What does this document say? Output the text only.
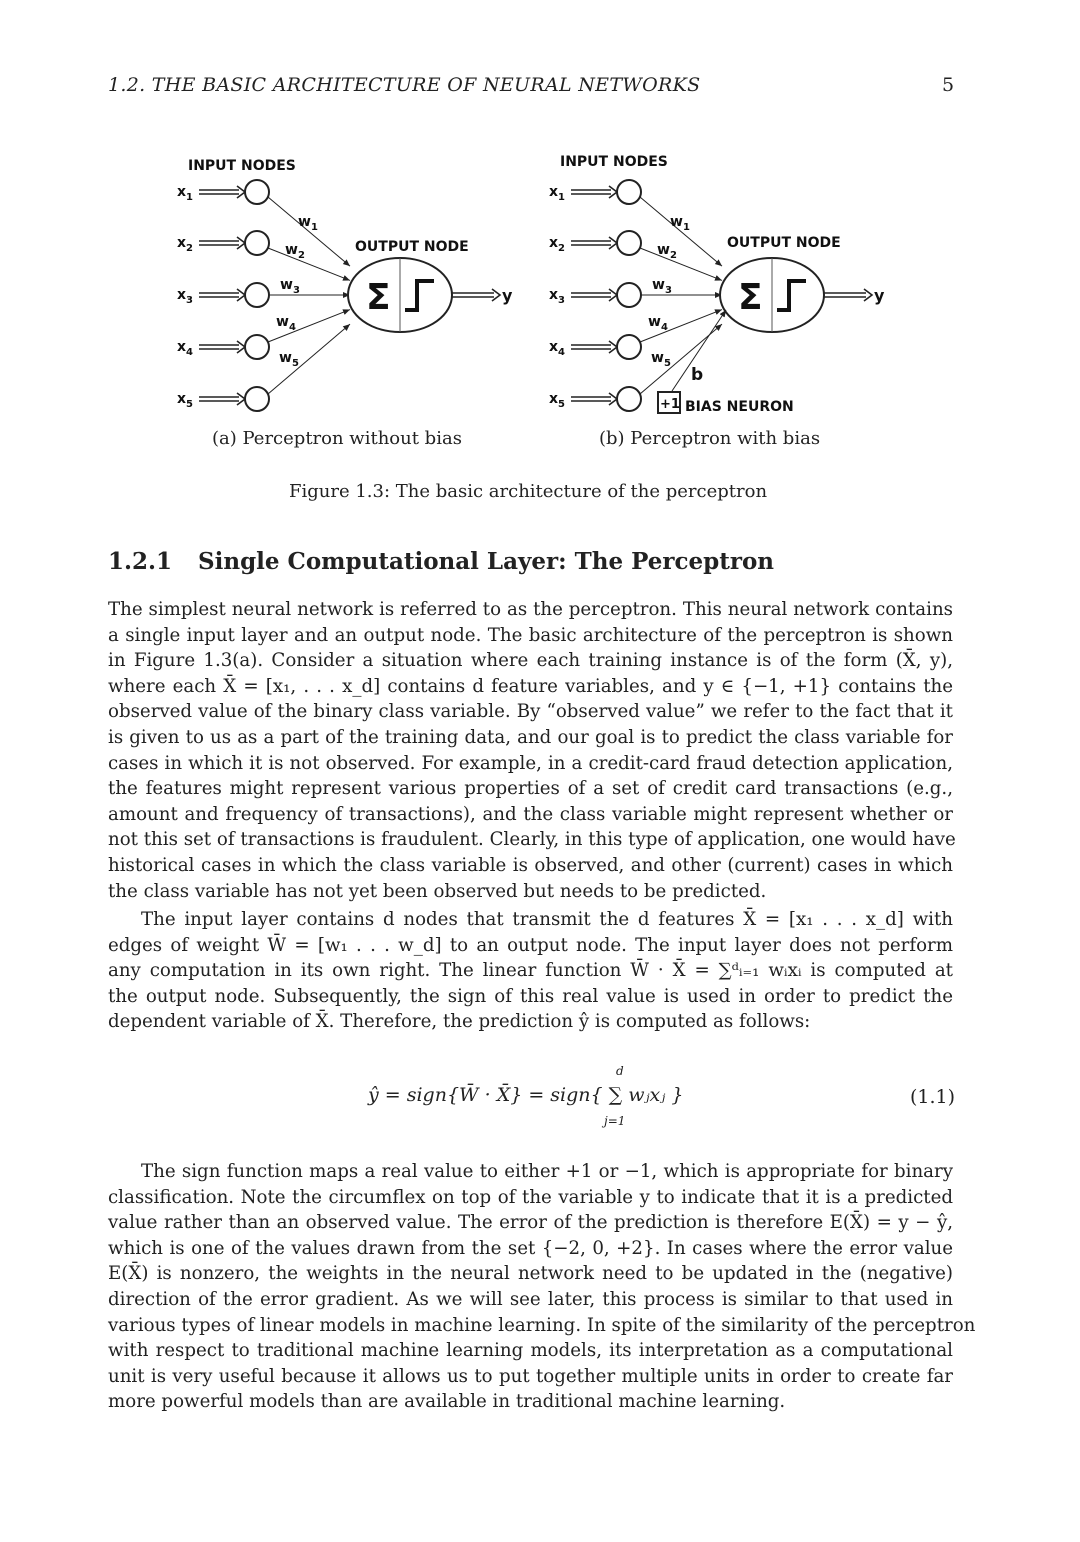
1.2. THE BASIC ARCHITECTURE OF NEURAL NETWORKS	5
INPUT NODES
OUTPUT NODE
$x_1$
$x_2$
$x_3$
$x_4$
$x_5$
$w_1$
$w_2$
$w_3$
$w_4$
$w_5$
Σ	y
INPUT NODES
OUTPUT NODE
$x_1$
$x_2$
$x_3$
$x_4$
$x_5$
$w_1$
$w_2$
$w_3$
$w_4$
$w_5$
Σ	y
+1 BIAS NEURON
b
(a) Perceptron without bias	(b) Perceptron with bias
Figure 1.3: The basic architecture of the perceptron
1.2.1 Single Computational Layer: The Perceptron
The simplest neural network is referred to as the perceptron. This neural network contains
a single input layer and an output node. The basic architecture of the perceptron is shown
in Figure 1.3(a). Consider a situation where each training instance is of the form (X̄, y),
where each X̄ = [x₁, . . . x_d] contains d feature variables, and y ∈ {−1, +1} contains the
observed value of the binary class variable. By “observed value” we refer to the fact that it
is given to us as a part of the training data, and our goal is to predict the class variable for
cases in which it is not observed. For example, in a credit-card fraud detection application,
the features might represent various properties of a set of credit card transactions (e.g.,
amount and frequency of transactions), and the class variable might represent whether or
not this set of transactions is fraudulent. Clearly, in this type of application, one would have
historical cases in which the class variable is observed, and other (current) cases in which
the class variable has not yet been observed but needs to be predicted.
The input layer contains d nodes that transmit the d features X̄ = [x₁ . . . x_d] with
edges of weight W̄ = [w₁ . . . w_d] to an output node. The input layer does not perform
any computation in its own right. The linear function W̄ · X̄ = ∑ᵈᵢ₌₁ wᵢxᵢ is computed at
the output node. Subsequently, the sign of this real value is used in order to predict the
dependent variable of X̄. Therefore, the prediction ŷ is computed as follows:
ŷ = sign{W̄ · X̄} = sign{ ∑ wⱼxⱼ }
d
j=1
(1.1)
The sign function maps a real value to either +1 or −1, which is appropriate for binary
classification. Note the circumflex on top of the variable y to indicate that it is a predicted
value rather than an observed value. The error of the prediction is therefore E(X̄) = y − ŷ,
which is one of the values drawn from the set {−2, 0, +2}. In cases where the error value
E(X̄) is nonzero, the weights in the neural network need to be updated in the (negative)
direction of the error gradient. As we will see later, this process is similar to that used in
various types of linear models in machine learning. In spite of the similarity of the perceptron
with respect to traditional machine learning models, its interpretation as a computational
unit is very useful because it allows us to put together multiple units in order to create far
more powerful models than are available in traditional machine learning.
